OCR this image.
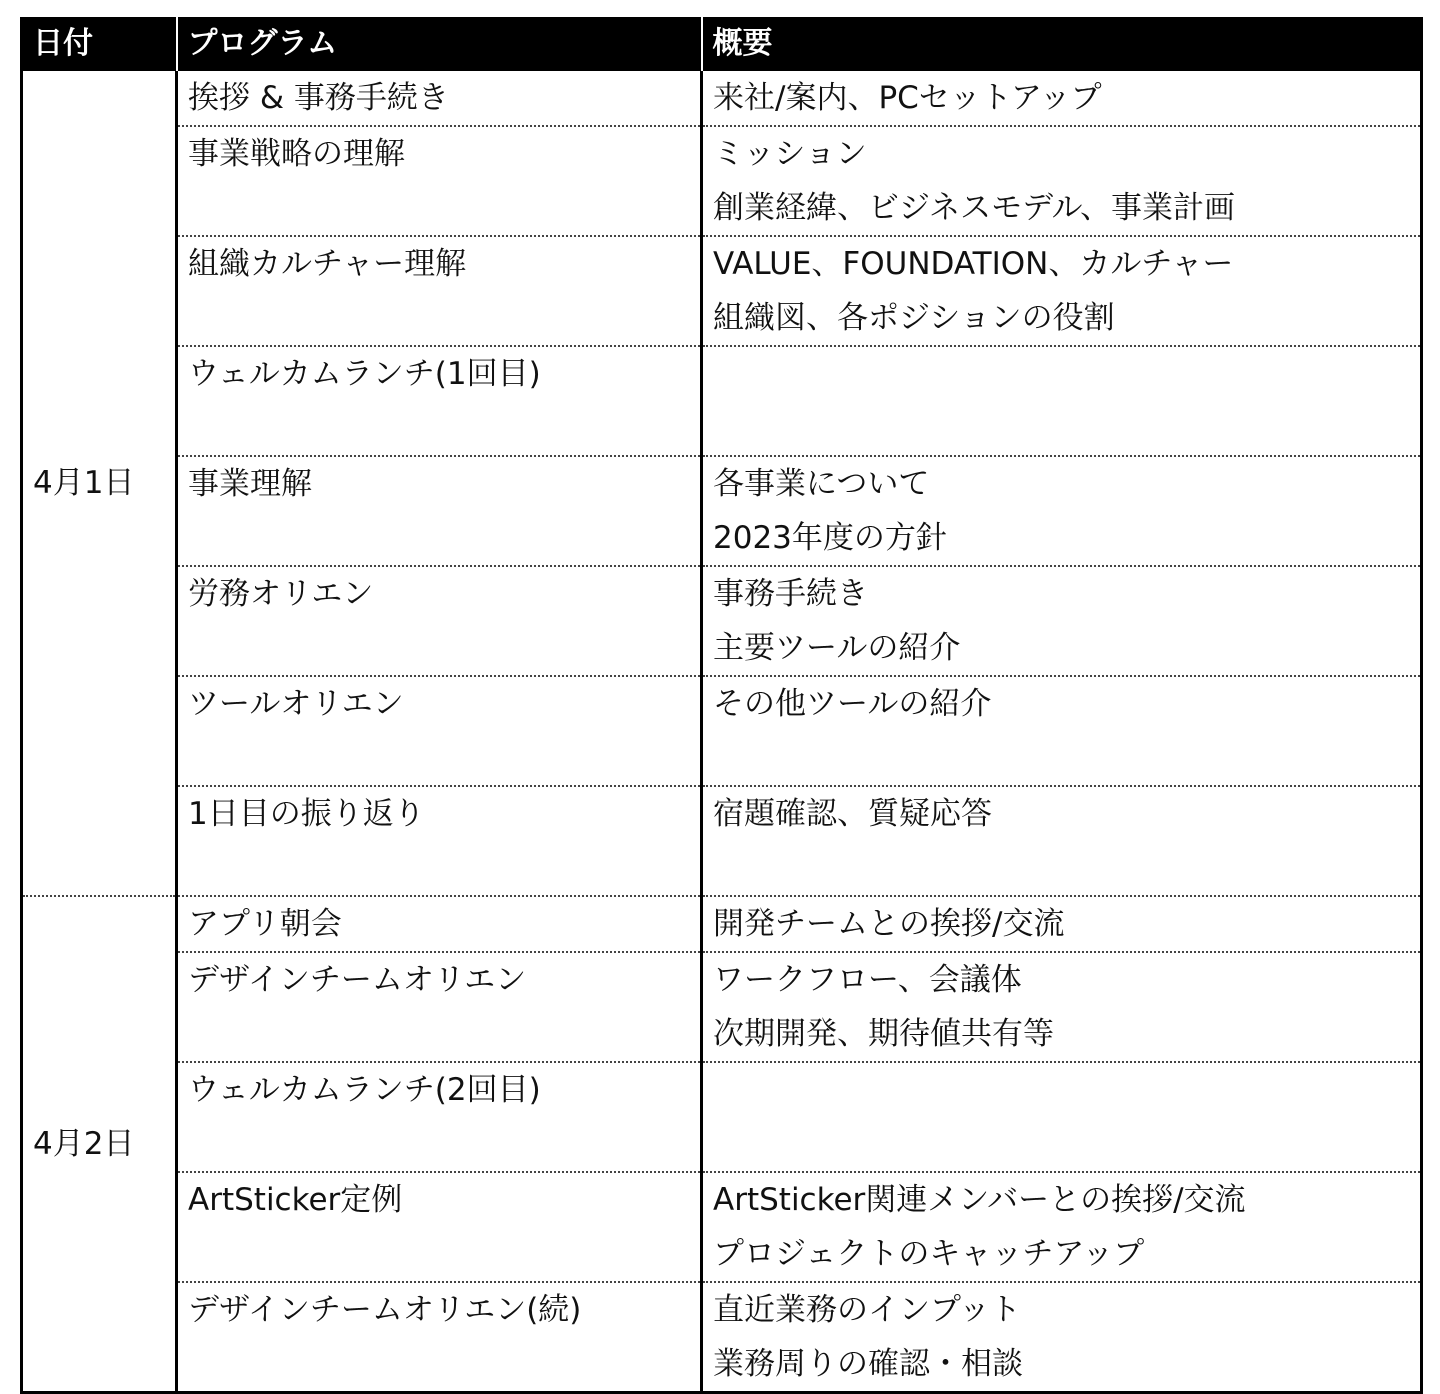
日付	プログラム	概要
4月1日	挨拶 & 事務手続き	来社/案内、PCセットアップ

	事業戦略の理解	ミッション
創業経緯、ビジネスモデル、事業計画

	組織カルチャー理解	VALUE、FOUNDATION、カルチャー
組織図、各ポジションの役割

	ウェルカムランチ(1回目)	

	事業理解	各事業について
2023年度の方針

	労務オリエン	事務手続き
主要ツールの紹介

	ツールオリエン	その他ツールの紹介

	1日目の振り返り	宿題確認、質疑応答

4月2日	アプリ朝会	開発チームとの挨拶/交流

	デザインチームオリエン	ワークフロー、会議体
次期開発、期待値共有等

	ウェルカムランチ(2回目)	

	ArtSticker定例	ArtSticker関連メンバーとの挨拶/交流
プロジェクトのキャッチアップ

	デザインチームオリエン(続)	直近業務のインプット
業務周りの確認・相談
